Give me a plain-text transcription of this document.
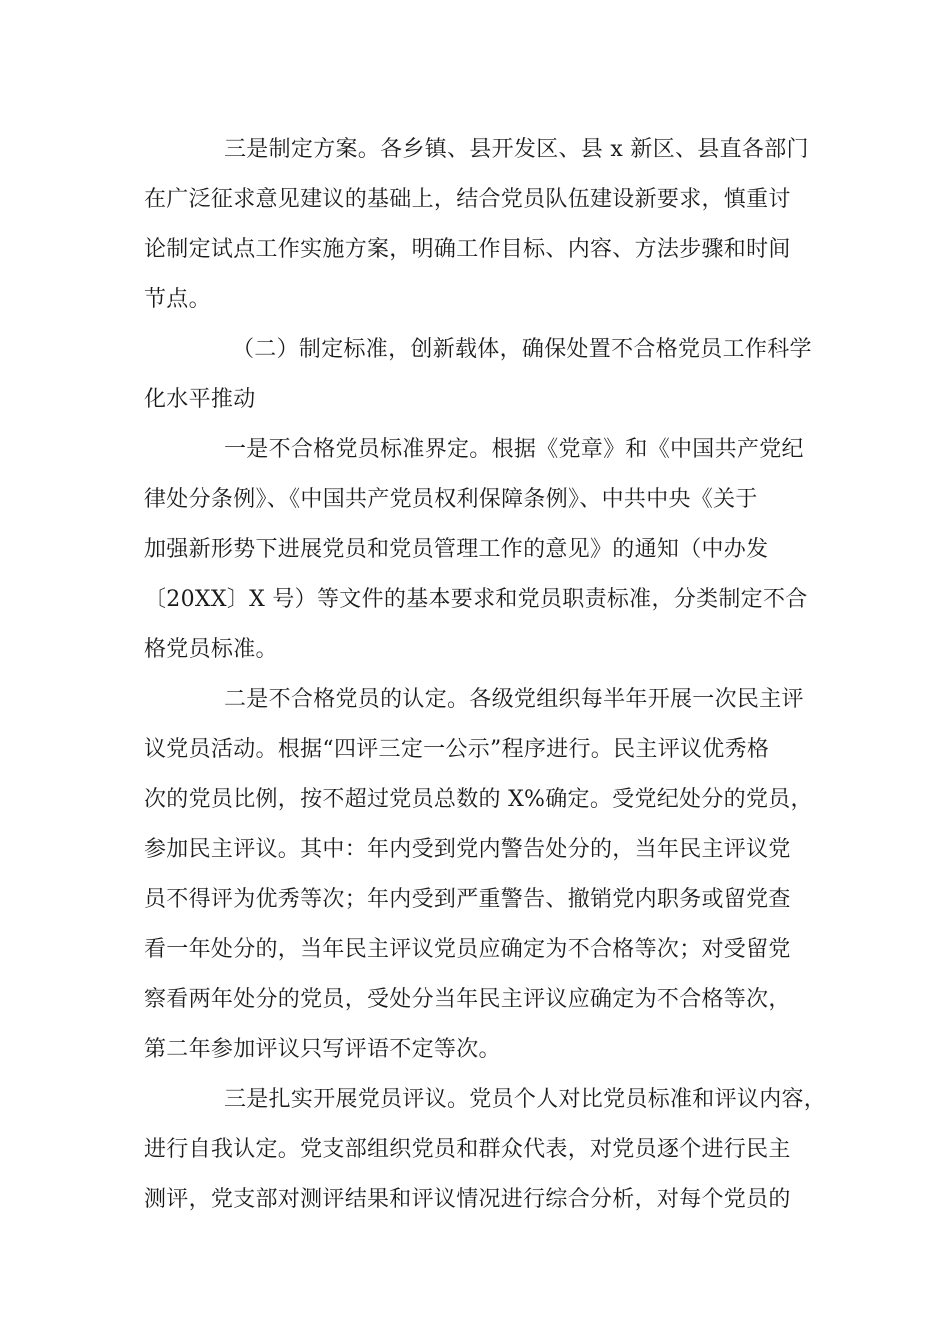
三是制定方案。各乡镇、县开发区、县 x 新区、县直各部门
在广泛征求意见建议的基础上，结合党员队伍建设新要求，慎重讨
论制定试点工作实施方案，明确工作目标、内容、方法步骤和时间
节点。

（二）制定标准，创新载体，确保处置不合格党员工作科学
化水平推动

一是不合格党员标准界定。根据《党章》和《中国共产党纪
律处分条例》、《中国共产党员权利保障条例》、中共中央《关于
加强新形势下进展党员和党员管理工作的意见》的通知（中办发
〔20XX〕X 号）等文件的基本要求和党员职责标准，分类制定不合
格党员标准。

二是不合格党员的认定。各级党组织每半年开展一次民主评
议党员活动。根据“四评三定一公示”程序进行。民主评议优秀格
次的党员比例，按不超过党员总数的 X%确定。受党纪处分的党员，
参加民主评议。其中：年内受到党内警告处分的，当年民主评议党
员不得评为优秀等次；年内受到严重警告、撤销党内职务或留党查
看一年处分的，当年民主评议党员应确定为不合格等次；对受留党
察看两年处分的党员，受处分当年民主评议应确定为不合格等次，
第二年参加评议只写评语不定等次。

三是扎实开展党员评议。党员个人对比党员标准和评议内容，
进行自我认定。党支部组织党员和群众代表，对党员逐个进行民主
测评，党支部对测评结果和评议情况进行综合分析，对每个党员的
